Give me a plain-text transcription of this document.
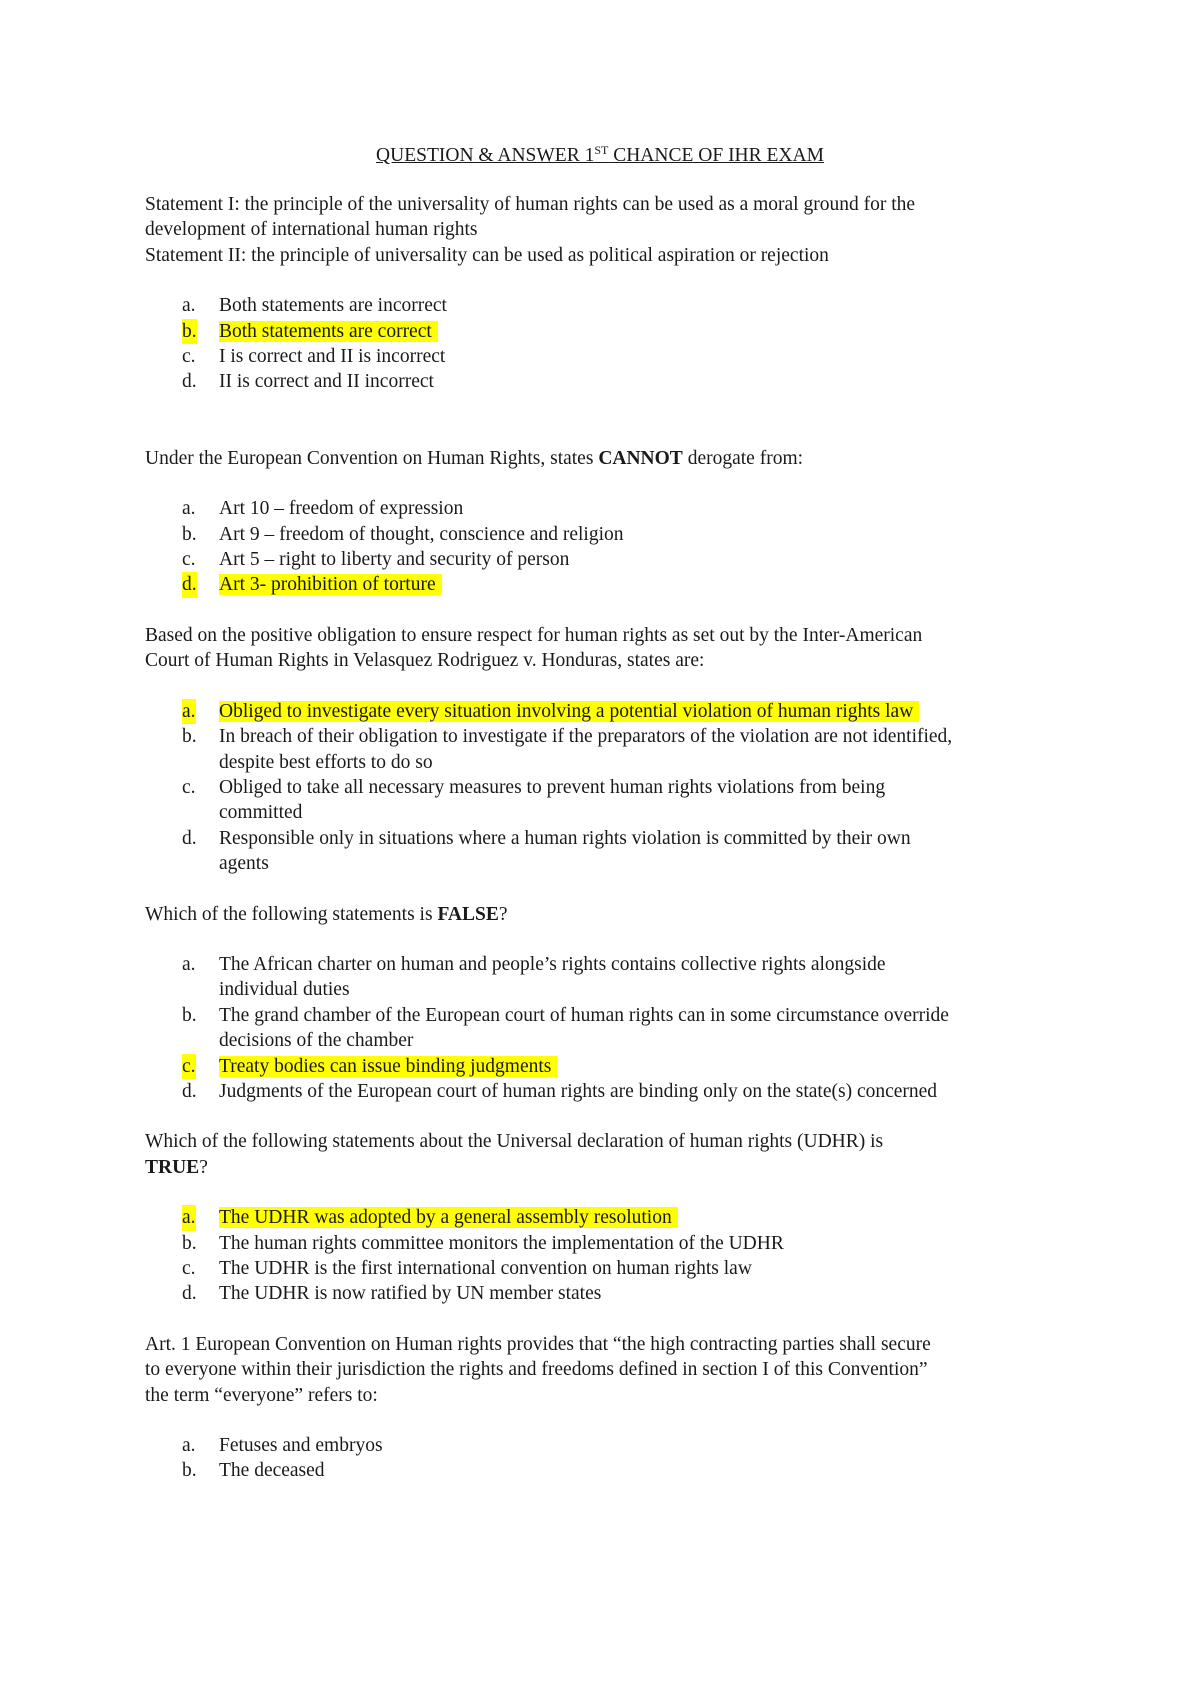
QUESTION & ANSWER 1ST CHANCE OF IHR EXAM

Statement I: the principle of the universality of human rights can be used as a moral ground for the

development of international human rights

Statement II: the principle of universality can be used as political aspiration or rejection

a. Both statements are incorrect
b. Both statements are correct
c. I is correct and II is incorrect
d. II is correct and II incorrect

Under the European Convention on Human Rights, states CANNOT derogate from:

a. Art 10 – freedom of expression
b. Art 9 – freedom of thought, conscience and religion
c. Art 5 – right to liberty and security of person
d. Art 3- prohibition of torture

Based on the positive obligation to ensure respect for human rights as set out by the Inter-American

Court of Human Rights in Velasquez Rodriguez v. Honduras, states are:

a. Obliged to investigate every situation involving a potential violation of human rights law
b. In breach of their obligation to investigate if the preparators of the violation are not identified,
despite best efforts to do so
c. Obliged to take all necessary measures to prevent human rights violations from being
committed
d. Responsible only in situations where a human rights violation is committed by their own
agents

Which of the following statements is FALSE?

a. The African charter on human and people’s rights contains collective rights alongside
individual duties
b. The grand chamber of the European court of human rights can in some circumstance override
decisions of the chamber
c. Treaty bodies can issue binding judgments
d. Judgments of the European court of human rights are binding only on the state(s) concerned

Which of the following statements about the Universal declaration of human rights (UDHR) is

TRUE?

a. The UDHR was adopted by a general assembly resolution
b. The human rights committee monitors the implementation of the UDHR
c. The UDHR is the first international convention on human rights law
d. The UDHR is now ratified by UN member states

Art. 1 European Convention on Human rights provides that “the high contracting parties shall secure

to everyone within their jurisdiction the rights and freedoms defined in section I of this Convention”

the term “everyone” refers to:

a. Fetuses and embryos
b. The deceased
